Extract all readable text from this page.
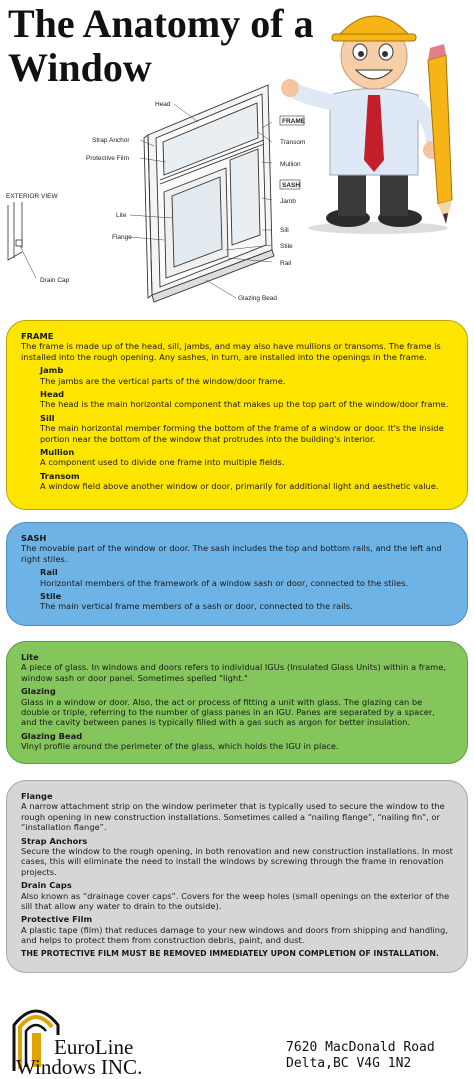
The Anatomy of a Window
Head
Strap Anchor
Protective Film
FRAME
Transom
Mullion
SASH
Jamb
EXTERIOR VIEW
Lite
Flange
Sill
Stile
Rail
Drain Cap
Glazing Bead
FRAME
The frame is made up of the head, sill, jambs, and may also have mullions or transoms. The frame is installed into the rough opening. Any sashes, in turn, are installed into the openings in the frame.
Jamb
The jambs are the vertical parts of the window/door frame.
Head
The head is the main horizontal component that makes up the top part of the window/door frame.
Sill
The main horizontal member forming the bottom of the frame of a window or door. It's the inside portion near the bottom of the window that protrudes into the building's interior.
Mullion
A component used to divide one frame into multiple fields.
Transom
A window field above another window or door, primarily for additional light and aesthetic value.
SASH
The movable part of the window or door. The sash includes the top and bottom rails, and the left and right stiles.
Rail
Horizontal members of the framework of a window sash or door, connected to the stiles.
Stile
The main vertical frame members of a sash or door, connected to the rails.
Lite
A piece of glass. In windows and doors refers to individual IGUs (Insulated Glass Units) within a frame, window sash or door panel. Sometimes spelled "light."
Glazing
Glass in a window or door. Also, the act or process of fitting a unit with glass. The glazing can be double or triple, referring to the number of glass panes in an IGU. Panes are separated by a spacer, and the cavity between panes is typically filled with a gas such as argon for better insulation.
Glazing Bead
Vinyl profile around the perimeter of the glass, which holds the IGU in place.
Flange
A narrow attachment strip on the window perimeter that is typically used to secure the window to the rough opening in new construction installations. Sometimes called a “nailing flange”, “nailing fin”, or “installation flange”.
Strap Anchors
Secure the window to the rough opening, in both renovation and new construction installations. In most cases, this will eliminate the need to install the windows by screwing through the frame in renovation projects.
Drain Caps
Also known as “drainage cover caps”. Covers for the weep holes (small openings on the exterior of the sill that allow any water to drain to the outside).
Protective Film
A plastic tape (film) that reduces damage to your new windows and doors from shipping and handling, and helps to protect them from construction debris, paint, and dust.
THE PROTECTIVE FILM MUST BE REMOVED IMMEDIATELY UPON COMPLETION OF INSTALLATION.
EuroLine
Windows INC.
7620 MacDonald Road
Delta,BC V4G 1N2
